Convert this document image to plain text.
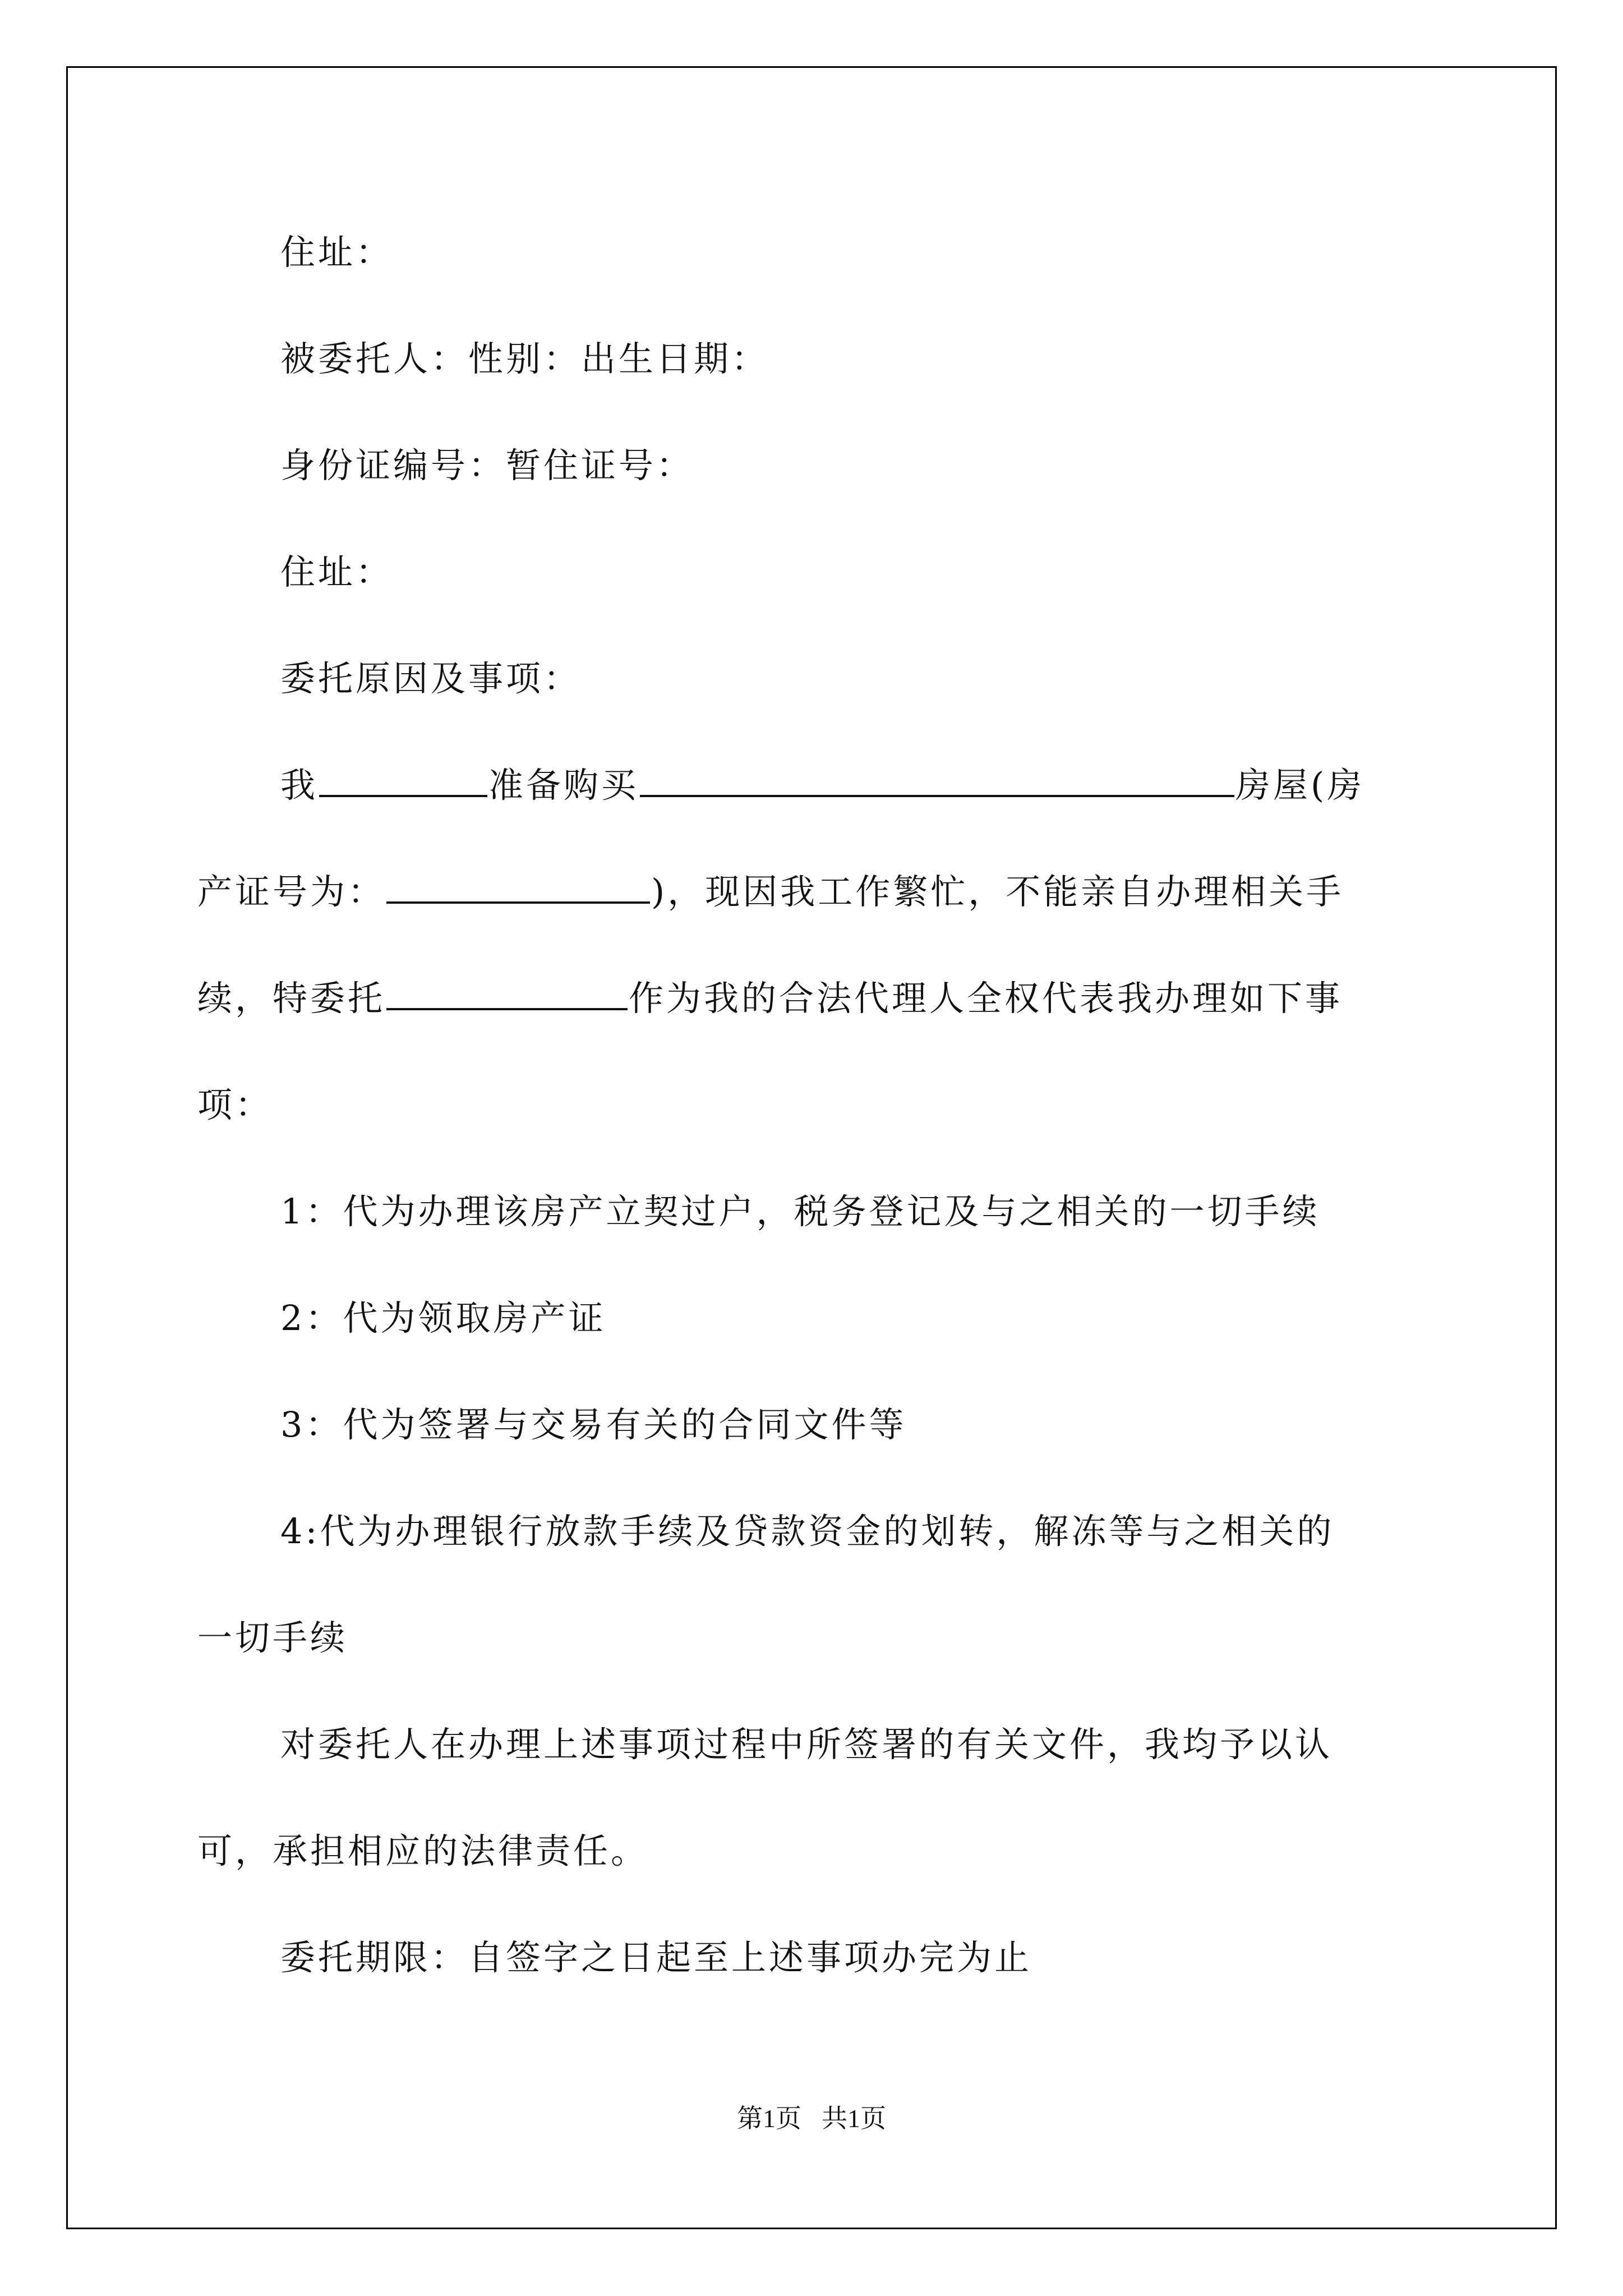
住址：
被委托人：性别：出生日期：
身份证编号：暂住证号：
住址：
委托原因及事项：
我	准备购买	房屋(房
产证号为：	)，现因我工作繁忙，不能亲自办理相关手
续，特委托	作为我的合法代理人全权代表我办理如下事
项：
1：代为办理该房产立契过户，税务登记及与之相关的一切手续
2：代为领取房产证
3：代为签署与交易有关的合同文件等
4:代为办理银行放款手续及贷款资金的划转，解冻等与之相关的
一切手续
对委托人在办理上述事项过程中所签署的有关文件，我均予以认
可，承担相应的法律责任。
委托期限：自签字之日起至上述事项办完为止
第1页 共1页
